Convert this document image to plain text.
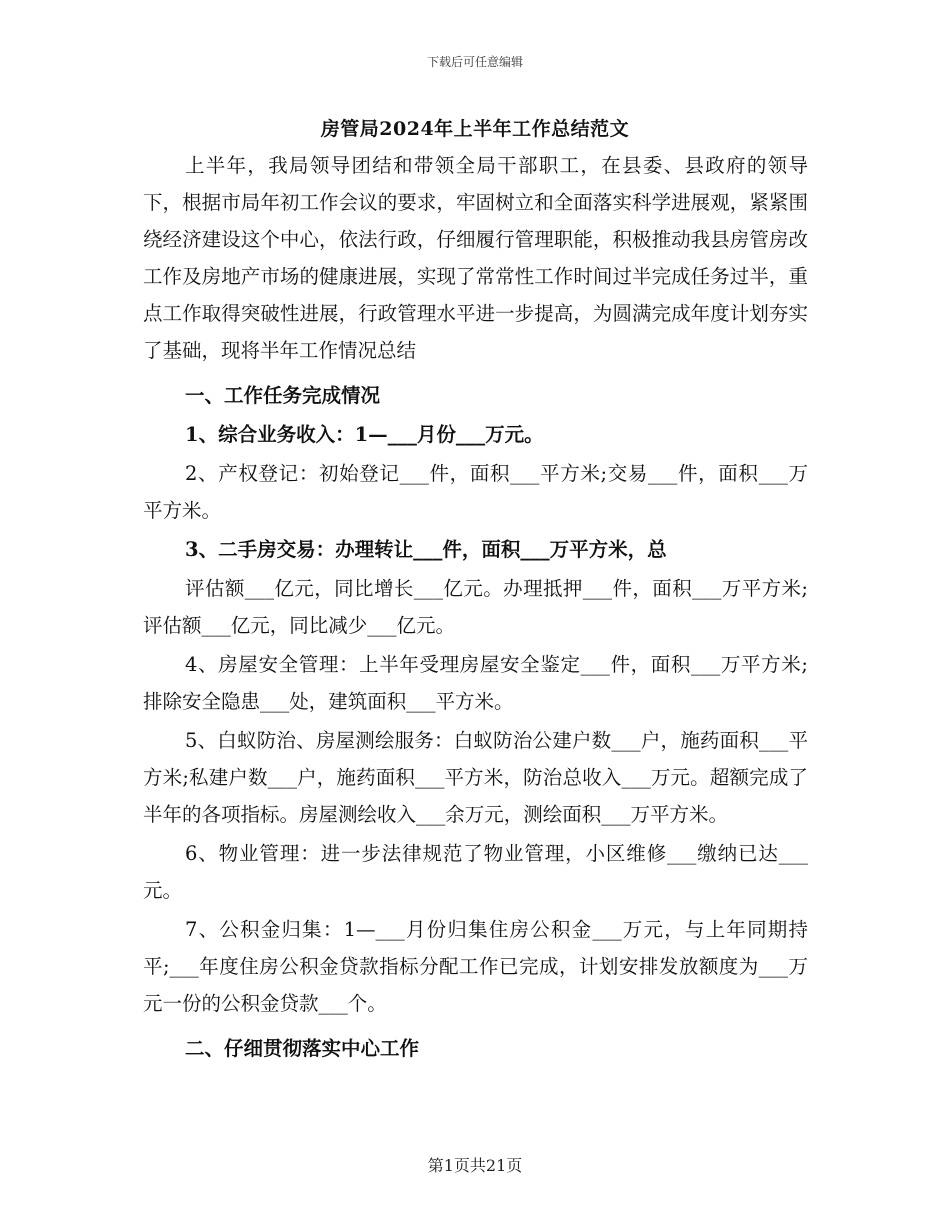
下载后可任意编辑
房管局2024年上半年工作总结范文

上半年，我局领导团结和带领全局干部职工，在县委、县政府的领导下，根据市局年初工作会议的要求，牢固树立和全面落实科学进展观，紧紧围绕经济建设这个中心，依法行政，仔细履行管理职能，积极推动我县房管房改工作及房地产市场的健康进展，实现了常常性工作时间过半完成任务过半，重点工作取得突破性进展，行政管理水平进一步提高，为圆满完成年度计划夯实了基础，现将半年工作情况总结

一、工作任务完成情况

1、综合业务收入：1—___月份___万元。

2、产权登记：初始登记___件，面积___平方米;交易___件，面积___万平方米。

3、二手房交易：办理转让___件，面积___万平方米，总

评估额___亿元，同比增长___亿元。办理抵押___件，面积___万平方米;评估额___亿元，同比减少___亿元。

4、房屋安全管理：上半年受理房屋安全鉴定___件，面积___万平方米;排除安全隐患___处，建筑面积___平方米。

5、白蚁防治、房屋测绘服务：白蚁防治公建户数___户，施药面积___平方米;私建户数___户，施药面积___平方米，防治总收入___万元。超额完成了半年的各项指标。房屋测绘收入___余万元，测绘面积___万平方米。

6、物业管理：进一步法律规范了物业管理，小区维修___缴纳已达___元。

7、公积金归集：1—___月份归集住房公积金___万元，与上年同期持平;___年度住房公积金贷款指标分配工作已完成，计划安排发放额度为___万元一份的公积金贷款___个。

二、仔细贯彻落实中心工作

第1页共21页
